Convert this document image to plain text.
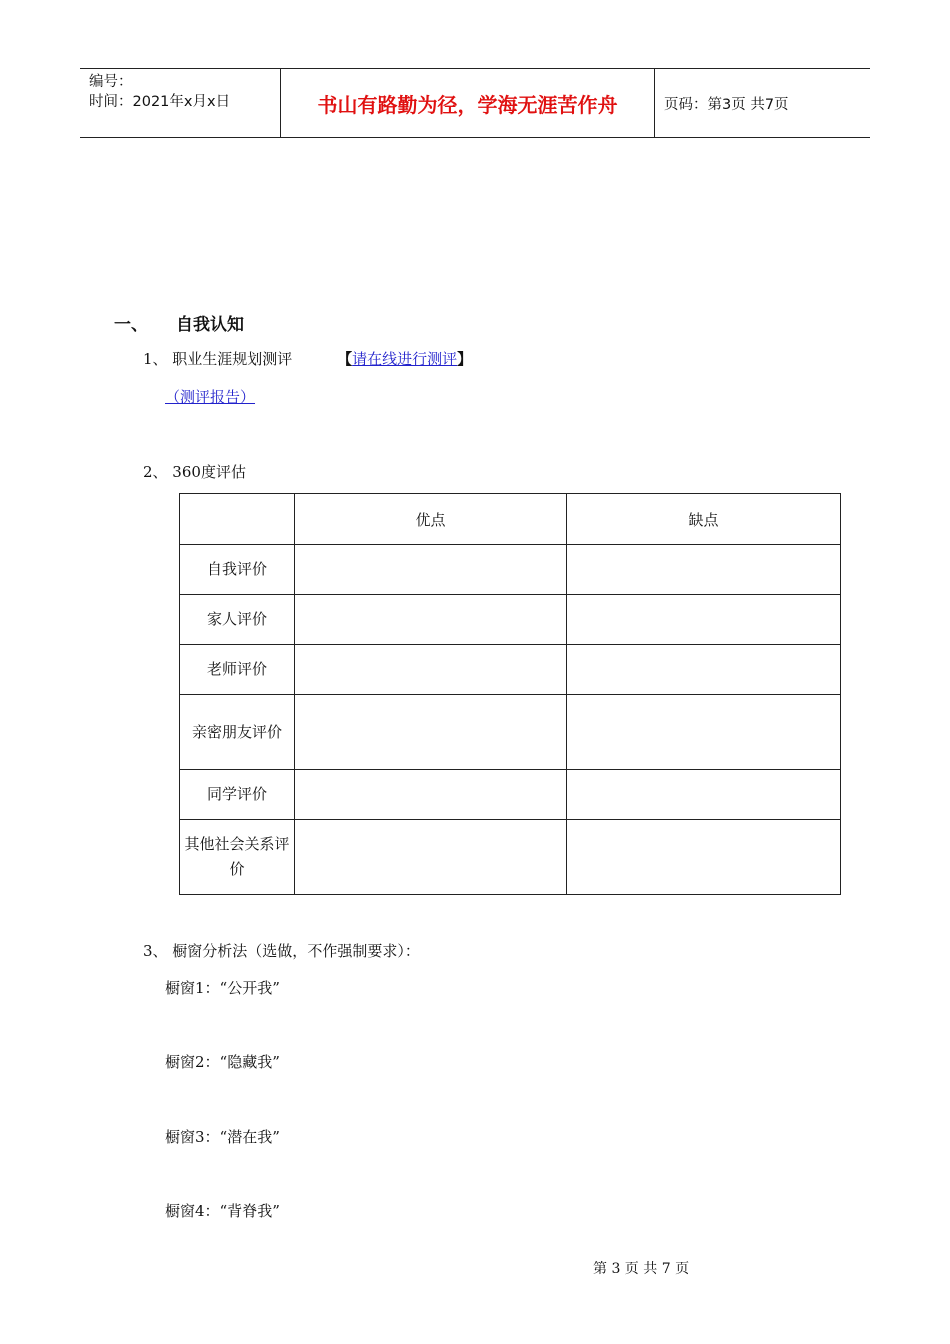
编号：
时间：2021年x月x日	书山有路勤为径，学海无涯苦作舟	页码：第3页 共7页
一、 自我认知
1、 职业生涯规划测评	【请在线进行测评】
（测评报告）
2、 360度评估
	优点	缺点
自我评价		
家人评价		
老师评价		
亲密朋友评价		
同学评价		
其他社会关系评价		
3、 橱窗分析法（选做，不作强制要求）：
橱窗1：“公开我”
橱窗2：“隐藏我”
橱窗3：“潜在我”
橱窗4：“背脊我”
第 3 页 共 7 页
